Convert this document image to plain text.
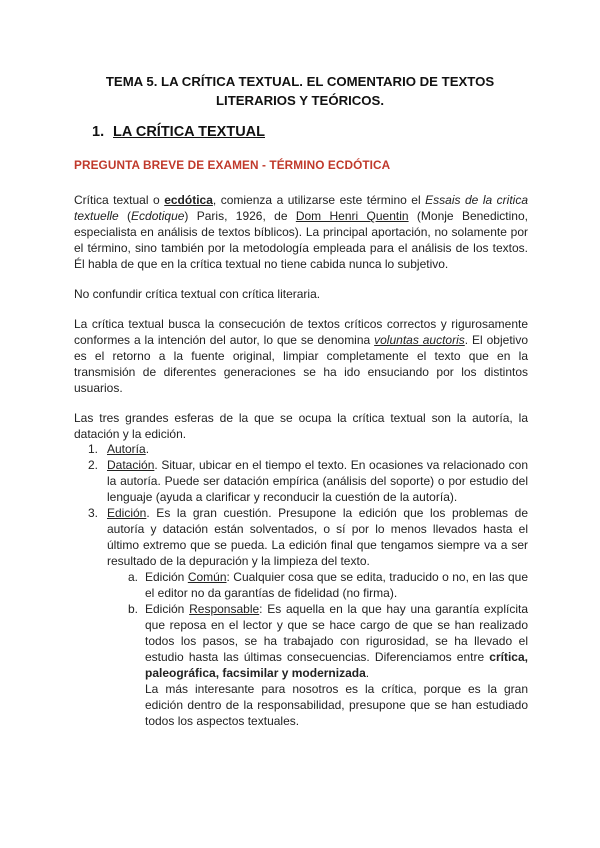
TEMA 5. LA CRÍTICA TEXTUAL. EL COMENTARIO DE TEXTOS
LITERARIOS Y TEÓRICOS.
1. LA CRÍTICA TEXTUAL
PREGUNTA BREVE DE EXAMEN - TÉRMINO ECDÓTICA
Crítica textual o ecdótica, comienza a utilizarse este término el Essais de la critica textuelle (Ecdotique) Paris, 1926, de Dom Henri Quentin (Monje Benedictino, especialista en análisis de textos bíblicos). La principal aportación, no solamente por el término, sino también por la metodología empleada para el análisis de los textos. Él habla de que en la crítica textual no tiene cabida nunca lo subjetivo.
No confundir crítica textual con crítica literaria.
La crítica textual busca la consecución de textos críticos correctos y rigurosamente conformes a la intención del autor, lo que se denomina voluntas auctoris. El objetivo es el retorno a la fuente original, limpiar completamente el texto que en la transmisión de diferentes generaciones se ha ido ensuciando por los distintos usuarios.
Las tres grandes esferas de la que se ocupa la crítica textual son la autoría, la datación y la edición.
1. Autoría.
2. Datación. Situar, ubicar en el tiempo el texto. En ocasiones va relacionado con la autoría. Puede ser datación empírica (análisis del soporte) o por estudio del lenguaje (ayuda a clarificar y reconducir la cuestión de la autoría).
3. Edición. Es la gran cuestión. Presupone la edición que los problemas de autoría y datación están solventados, o sí por lo menos llevados hasta el último extremo que se pueda. La edición final que tengamos siempre va a ser resultado de la depuración y la limpieza del texto.
a. Edición Común: Cualquier cosa que se edita, traducido o no, en las que el editor no da garantías de fidelidad (no firma).
b. Edición Responsable: Es aquella en la que hay una garantía explícita que reposa en el lector y que se hace cargo de que se han realizado todos los pasos, se ha trabajado con rigurosidad, se ha llevado el estudio hasta las últimas consecuencias. Diferenciamos entre crítica, paleográfica, facsimilar y modernizada.
La más interesante para nosotros es la crítica, porque es la gran edición dentro de la responsabilidad, presupone que se han estudiado todos los aspectos textuales.
